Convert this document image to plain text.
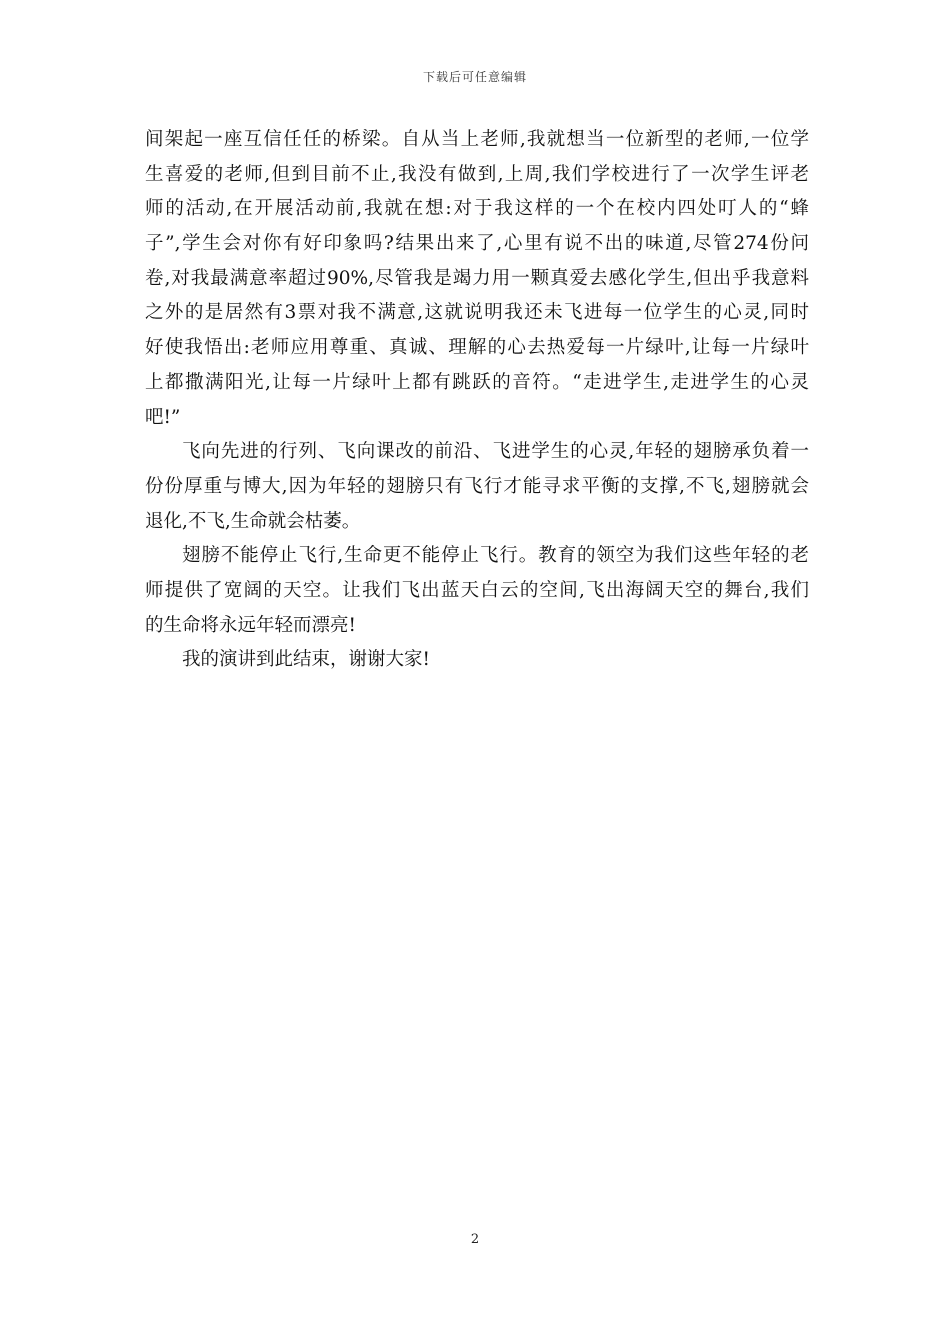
下载后可任意编辑
间架起一座互信任任的桥梁。自从当上老师,我就想当一位新型的老师,一位学
生喜爱的老师,但到目前不止,我没有做到,上周,我们学校进行了一次学生评老
师的活动,在开展活动前,我就在想:对于我这样的一个在校内四处叮人的“蜂
子”,学生会对你有好印象吗?结果出来了,心里有说不出的味道,尽管274份问
卷,对我最满意率超过90%,尽管我是竭力用一颗真爱去感化学生,但出乎我意料
之外的是居然有3票对我不满意,这就说明我还未飞进每一位学生的心灵,同时
好使我悟出:老师应用尊重、真诚、理解的心去热爱每一片绿叶,让每一片绿叶
上都撒满阳光,让每一片绿叶上都有跳跃的音符。“走进学生,走进学生的心灵
吧!”
飞向先进的行列、飞向课改的前沿、飞进学生的心灵,年轻的翅膀承负着一
份份厚重与博大,因为年轻的翅膀只有飞行才能寻求平衡的支撑,不飞,翅膀就会
退化,不飞,生命就会枯萎。
翅膀不能停止飞行,生命更不能停止飞行。教育的领空为我们这些年轻的老
师提供了宽阔的天空。让我们飞出蓝天白云的空间,飞出海阔天空的舞台,我们
的生命将永远年轻而漂亮!
我的演讲到此结束，谢谢大家!
2
